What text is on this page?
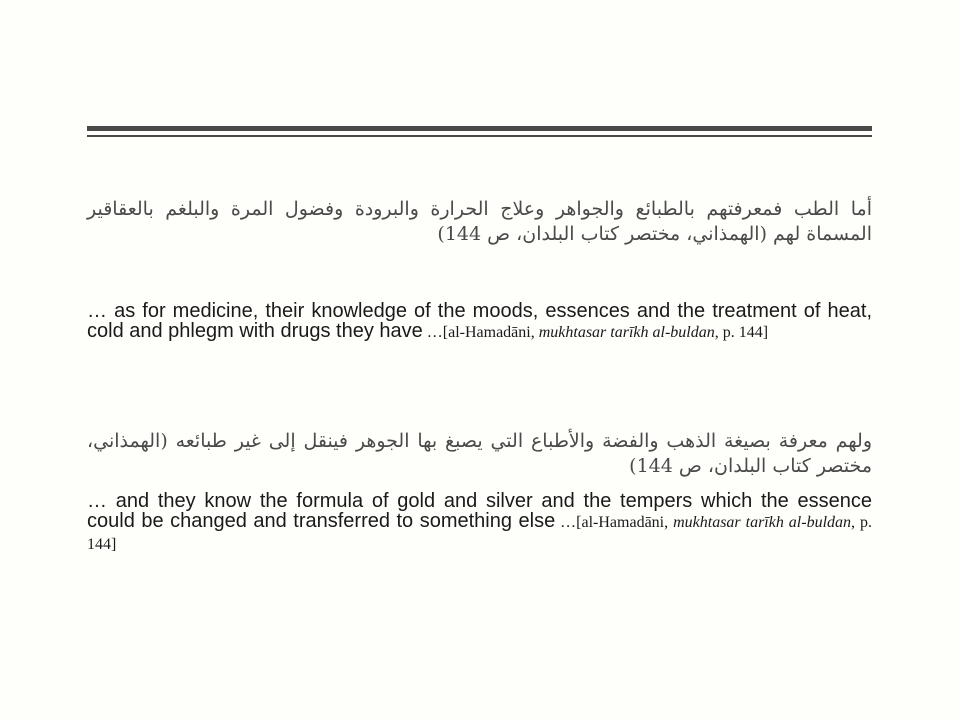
أما الطب فمعرفتهم بالطبائع والجواهر وعلاج الحرارة والبرودة وفضول المرة والبلغم بالعقاقير المسماة لهم (الهمذاني، مختصر كتاب البلدان، ص 144)
… as for medicine, their knowledge of the moods, essences and the treatment of heat, cold and phlegm with drugs they have …[al-Hamadāni, mukhtasar tarīkh al-buldan, p. 144]
ولهم معرفة بصيغة الذهب والفضة والأطباع التي يصبغ بها الجوهر فينقل إلى غير طبائعه (الهمذاني، مختصر كتاب البلدان، ص 144)
… and they know the formula of gold and silver and the tempers which the essence could be changed and transferred to something else …[al-Hamadāni, mukhtasar tarīkh al-buldan, p. 144]
